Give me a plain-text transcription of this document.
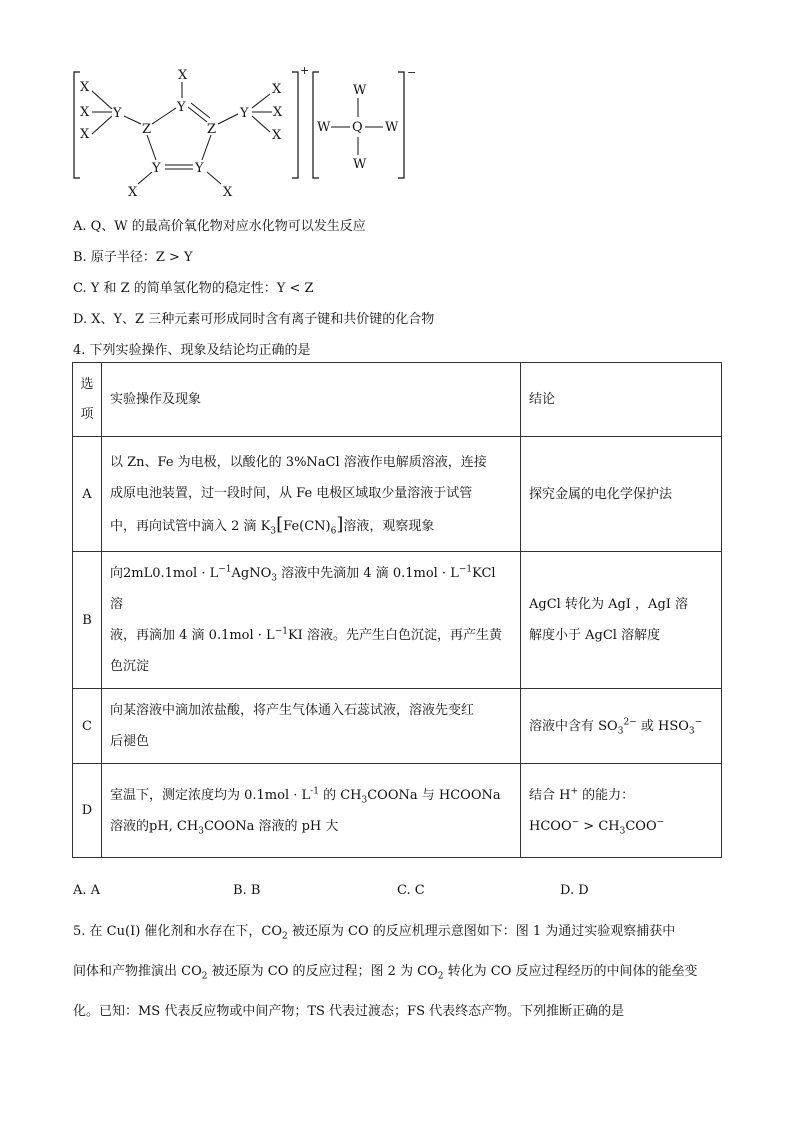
+
X
X
X
Y
Z
X
Y
Z
Y
X
X
X
Y	Y
X	X
−
W
W Q W
W
A. Q、W 的最高价氧化物对应水化物可以发生反应
B. 原子半径：Z > Y
C. Y 和 Z 的简单氢化物的稳定性：Y < Z
D. X、Y、Z 三种元素可形成同时含有离子键和共价键的化合物
4. 下列实验操作、现象及结论均正确的是
选
项	实验操作及现象	结论
A	以 Zn、Fe 为电极，以酸化的 3%NaCl 溶液作电解质溶液，连接
成原电池装置，过一段时间，从 Fe 电极区域取少量溶液于试管
中，再向试管中滴入 2 滴 $K_3[Fe(CN)_6]$溶液，观察现象	探究金属的电化学保护法
B	向$2mL0.1mol \cdot L^{-1}AgNO_3$ 溶液中先滴加 4 滴 $0.1mol \cdot L^{-1}KCl$ 溶
液，再滴加 4 滴 $0.1mol \cdot L^{-1}KI$ 溶液。先产生白色沉淀，再产生黄
色沉淀	AgCl 转化为 AgI ，AgI 溶
解度小于 AgCl 溶解度
C	向某溶液中滴加浓盐酸，将产生气体通入石蕊试液，溶液先变红
后褪色	溶液中含有 $SO_3^{2-}$ 或 $HSO_3^-$
D	室温下，测定浓度均为 $0.1mol \cdot L^{-1}$ 的 $CH_3COONa$ 与 HCOONa
溶液的pH, $CH_3COONa$ 溶液的 pH 大	结合 H+ 的能力：
HCOO− > $CH_3COO^-$
A. A	B. B	C. C	D. D
5. 在 Cu(I) 催化剂和水存在下，$CO_2$ 被还原为 CO 的反应机理示意图如下：图 1 为通过实验观察捕获中
间体和产物推演出 $CO_2$ 被还原为 CO 的反应过程；图 2 为 $CO_2$ 转化为 CO 反应过程经历的中间体的能垒变
化。已知：MS 代表反应物或中间产物；TS 代表过渡态；FS 代表终态产物。下列推断正确的是
